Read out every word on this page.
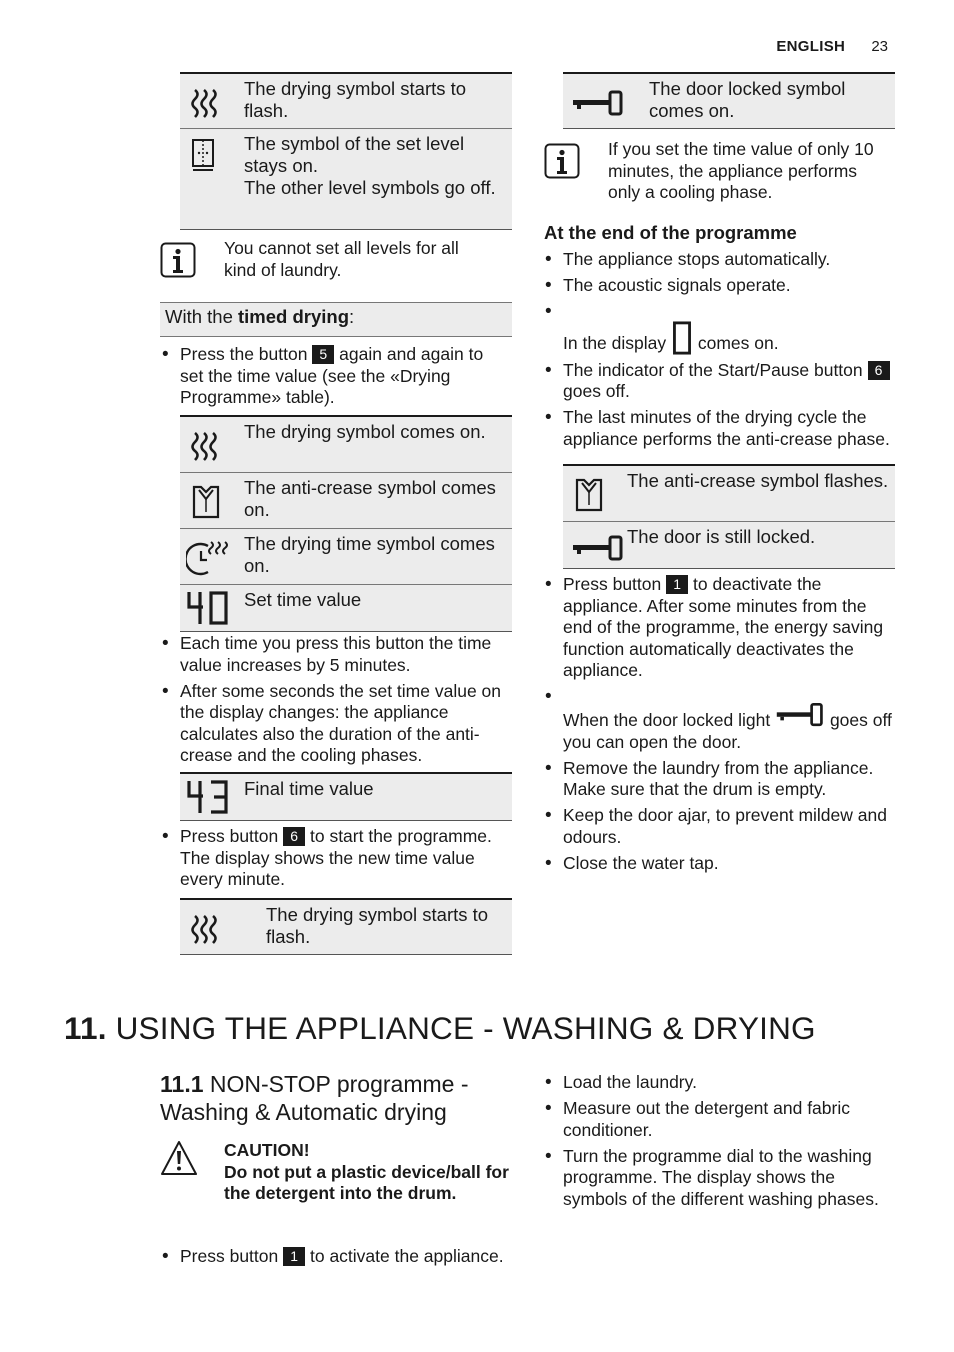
ENGLISH 23
The drying symbol starts to flash.
The symbol of the set level stays on.
The other level symbols go off.
You cannot set all levels for all kind of laundry.
With the timed drying:
• Press the button 5 again and again to set the time value (see the «Drying Programme» table).
The drying symbol comes on.
The anti-crease symbol comes on.
The drying time symbol comes on.
Set time value
• Each time you press this button the time value increases by 5 minutes.
• After some seconds the set time value on the display changes: the appliance calculates also the duration of the anti-crease and the cooling phases.
Final time value
• Press button 6 to start the programme. The display shows the new time value every minute.
The drying symbol starts to flash.
The door locked symbol comes on.
If you set the time value of only 10 minutes, the appliance performs only a cooling phase.
At the end of the programme
• The appliance stops automatically.
• The acoustic signals operate.
• In the display  comes on.
• The indicator of the Start/Pause button 6 goes off.
• The last minutes of the drying cycle the appliance performs the anti-crease phase.
The anti-crease symbol flashes.
The door is still locked.
• Press button 1 to deactivate the appliance. After some minutes from the end of the programme, the energy saving function automatically deactivates the appliance.
• When the door locked light	goes off you can open the door.
• Remove the laundry from the appliance. Make sure that the drum is empty.
• Keep the door ajar, to prevent mildew and odours.
• Close the water tap.
11. USING THE APPLIANCE - WASHING & DRYING
11.1 NON-STOP programme - Washing & Automatic drying
CAUTION!
Do not put a plastic device/ball for the detergent into the drum.
• Press button 1 to activate the appliance.
• Load the laundry.
• Measure out the detergent and fabric conditioner.
• Turn the programme dial to the washing programme. The display shows the symbols of the different washing phases.
